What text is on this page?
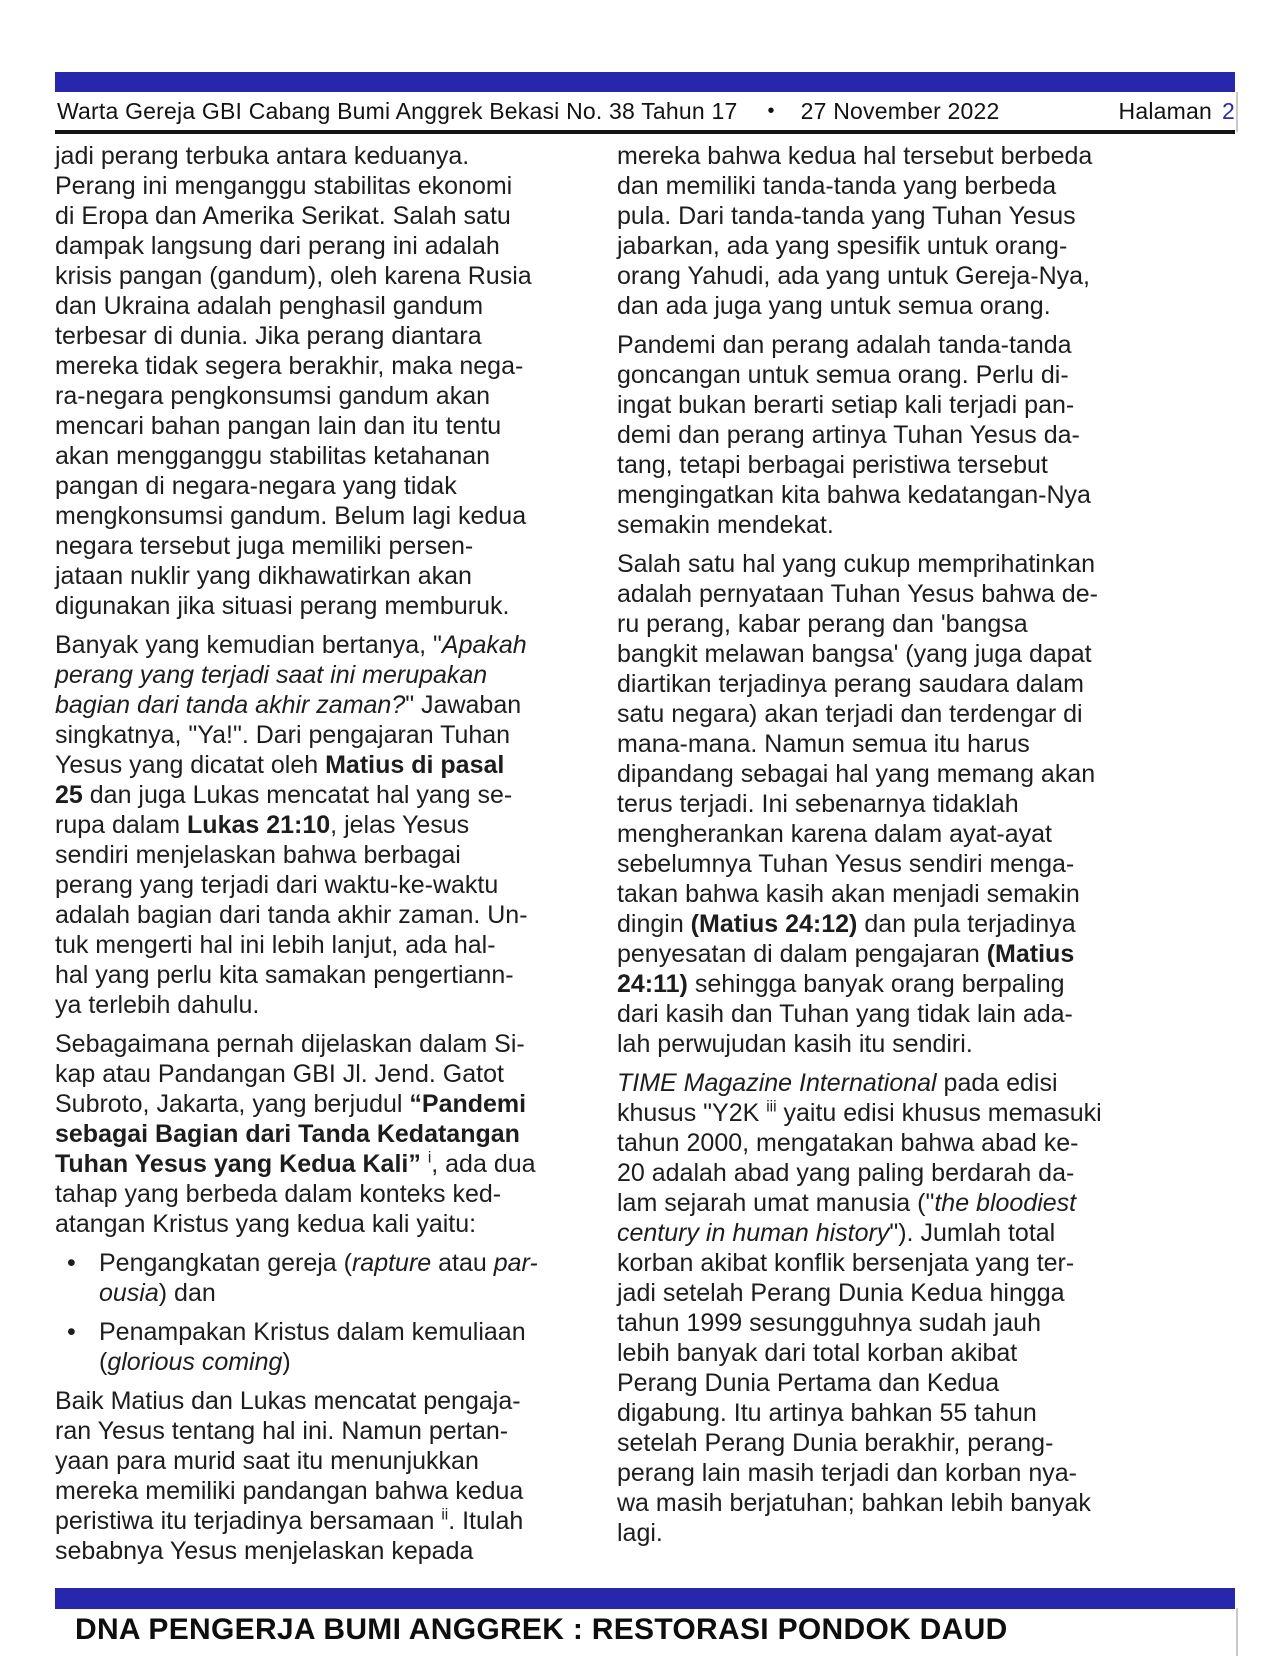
Warta Gereja GBI Cabang Bumi Anggrek Bekasi No. 38 Tahun 17 • 27 November 2022	Halaman 2
jadi perang terbuka antara keduanya.
Perang ini menganggu stabilitas ekonomi
di Eropa dan Amerika Serikat. Salah satu
dampak langsung dari perang ini adalah
krisis pangan (gandum), oleh karena Rusia
dan Ukraina adalah penghasil gandum
terbesar di dunia. Jika perang diantara
mereka tidak segera berakhir, maka nega-
ra-negara pengkonsumsi gandum akan
mencari bahan pangan lain dan itu tentu
akan mengganggu stabilitas ketahanan
pangan di negara-negara yang tidak
mengkonsumsi gandum. Belum lagi kedua
negara tersebut juga memiliki persen-
jataan nuklir yang dikhawatirkan akan
digunakan jika situasi perang memburuk.
Banyak yang kemudian bertanya, "Apakah
perang yang terjadi saat ini merupakan
bagian dari tanda akhir zaman?" Jawaban
singkatnya, "Ya!". Dari pengajaran Tuhan
Yesus yang dicatat oleh Matius di pasal
25 dan juga Lukas mencatat hal yang se-
rupa dalam Lukas 21:10, jelas Yesus
sendiri menjelaskan bahwa berbagai
perang yang terjadi dari waktu-ke-waktu
adalah bagian dari tanda akhir zaman. Un-
tuk mengerti hal ini lebih lanjut, ada hal-
hal yang perlu kita samakan pengertiann-
ya terlebih dahulu.
Sebagaimana pernah dijelaskan dalam Si-
kap atau Pandangan GBI Jl. Jend. Gatot
Subroto, Jakarta, yang berjudul “Pandemi
sebagai Bagian dari Tanda Kedatangan
Tuhan Yesus yang Kedua Kali” $^i$, ada dua
tahap yang berbeda dalam konteks ked-
atangan Kristus yang kedua kali yaitu:
• Pengangkatan gereja (rapture atau par-
ousia) dan
• Penampakan Kristus dalam kemuliaan
(glorious coming)
Baik Matius dan Lukas mencatat pengaja-
ran Yesus tentang hal ini. Namun pertan-
yaan para murid saat itu menunjukkan
mereka memiliki pandangan bahwa kedua
peristiwa itu terjadinya bersamaan $^{ii}$. Itulah
sebabnya Yesus menjelaskan kepada
mereka bahwa kedua hal tersebut berbeda
dan memiliki tanda-tanda yang berbeda
pula. Dari tanda-tanda yang Tuhan Yesus
jabarkan, ada yang spesifik untuk orang-
orang Yahudi, ada yang untuk Gereja-Nya,
dan ada juga yang untuk semua orang.
Pandemi dan perang adalah tanda-tanda
goncangan untuk semua orang. Perlu di-
ingat bukan berarti setiap kali terjadi pan-
demi dan perang artinya Tuhan Yesus da-
tang, tetapi berbagai peristiwa tersebut
mengingatkan kita bahwa kedatangan-Nya
semakin mendekat.
Salah satu hal yang cukup memprihatinkan
adalah pernyataan Tuhan Yesus bahwa de-
ru perang, kabar perang dan 'bangsa
bangkit melawan bangsa' (yang juga dapat
diartikan terjadinya perang saudara dalam
satu negara) akan terjadi dan terdengar di
mana-mana. Namun semua itu harus
dipandang sebagai hal yang memang akan
terus terjadi. Ini sebenarnya tidaklah
mengherankan karena dalam ayat-ayat
sebelumnya Tuhan Yesus sendiri menga-
takan bahwa kasih akan menjadi semakin
dingin (Matius 24:12) dan pula terjadinya
penyesatan di dalam pengajaran (Matius
24:11) sehingga banyak orang berpaling
dari kasih dan Tuhan yang tidak lain ada-
lah perwujudan kasih itu sendiri.
TIME Magazine International pada edisi
khusus "Y2K $^{iii}$ yaitu edisi khusus memasuki
tahun 2000, mengatakan bahwa abad ke-
20 adalah abad yang paling berdarah da-
lam sejarah umat manusia ("the bloodiest
century in human history"). Jumlah total
korban akibat konflik bersenjata yang ter-
jadi setelah Perang Dunia Kedua hingga
tahun 1999 sesungguhnya sudah jauh
lebih banyak dari total korban akibat
Perang Dunia Pertama dan Kedua
digabung. Itu artinya bahkan 55 tahun
setelah Perang Dunia berakhir, perang-
perang lain masih terjadi dan korban nya-
wa masih berjatuhan; bahkan lebih banyak
lagi.
DNA PENGERJA BUMI ANGGREK : RESTORASI PONDOK DAUD
